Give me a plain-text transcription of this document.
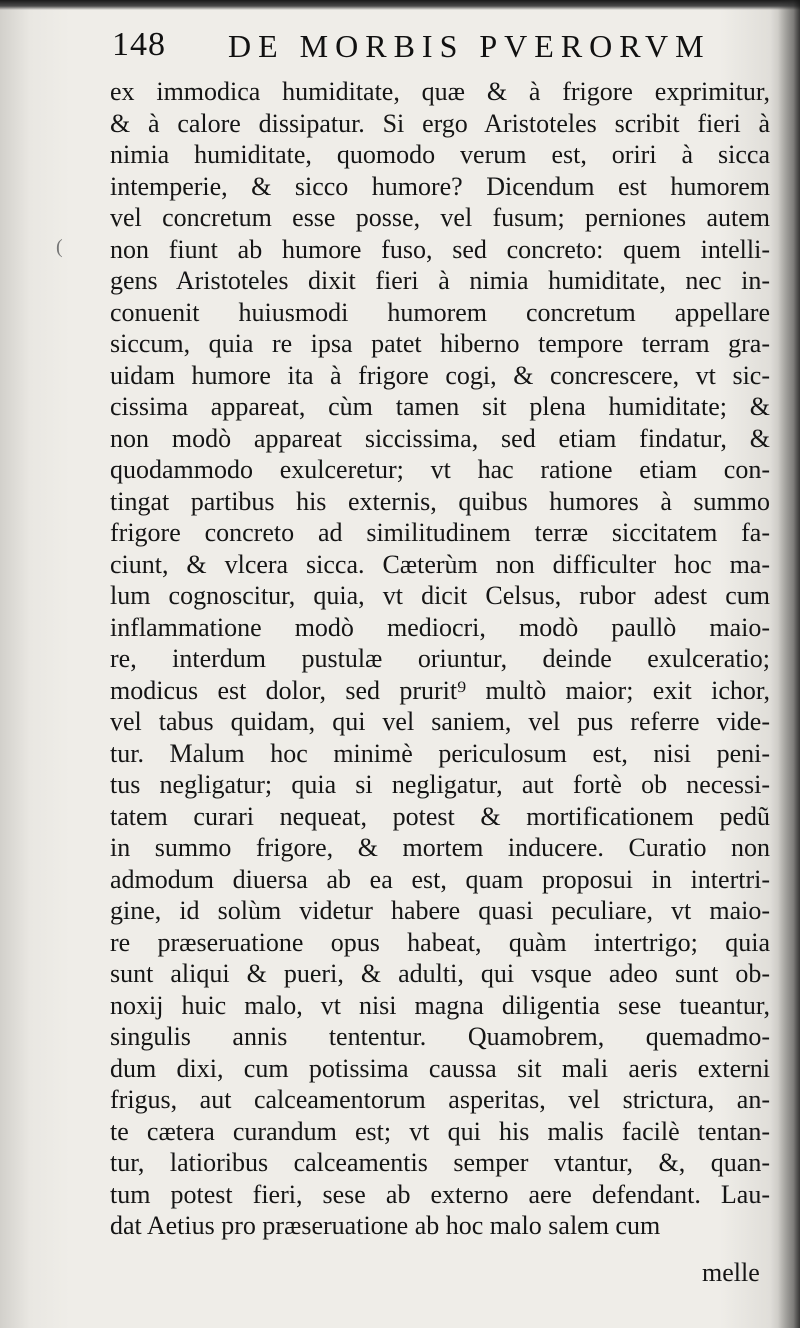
148 DE MORBIS PVERORVM
(
ex immodica humiditate, quæ & à frigore exprimitur,
& à calore dissipatur. Si ergo Aristoteles scribit fieri à
nimia humiditate, quomodo verum est, oriri à sicca
intemperie, & sicco humore? Dicendum est humorem
vel concretum esse posse, vel fusum; perniones autem
non fiunt ab humore fuso, sed concreto: quem intelli-
gens Aristoteles dixit fieri à nimia humiditate, nec in-
conuenit huiusmodi humorem concretum appellare
siccum, quia re ipsa patet hiberno tempore terram gra-
uidam humore ita à frigore cogi, & concrescere, vt sic-
cissima appareat, cùm tamen sit plena humiditate; &
non modò appareat siccissima, sed etiam findatur, &
quodammodo exulceretur; vt hac ratione etiam con-
tingat partibus his externis, quibus humores à summo
frigore concreto ad similitudinem terræ siccitatem fa-
ciunt, & vlcera sicca. Cæterùm non difficulter hoc ma-
lum cognoscitur, quia, vt dicit Celsus, rubor adest cum
inflammatione modò mediocri, modò paullò maio-
re, interdum pustulæ oriuntur, deinde exulceratio;
modicus est dolor, sed prurit⁹ multò maior; exit ichor,
vel tabus quidam, qui vel saniem, vel pus referre vide-
tur. Malum hoc minimè periculosum est, nisi peni-
tus negligatur; quia si negligatur, aut fortè ob necessi-
tatem curari nequeat, potest & mortificationem pedũ
in summo frigore, & mortem inducere. Curatio non
admodum diuersa ab ea est, quam proposui in intertri-
gine, id solùm videtur habere quasi peculiare, vt maio-
re præseruatione opus habeat, quàm intertrigo; quia
sunt aliqui & pueri, & adulti, qui vsque adeo sunt ob-
noxij huic malo, vt nisi magna diligentia sese tueantur,
singulis annis tententur. Quamobrem, quemadmo-
dum dixi, cum potissima caussa sit mali aeris externi
frigus, aut calceamentorum asperitas, vel strictura, an-
te cætera curandum est; vt qui his malis facilè tentan-
tur, latioribus calceamentis semper vtantur, &, quan-
tum potest fieri, sese ab externo aere defendant. Lau-
dat Aetius pro præseruatione ab hoc malo salem cum
melle
